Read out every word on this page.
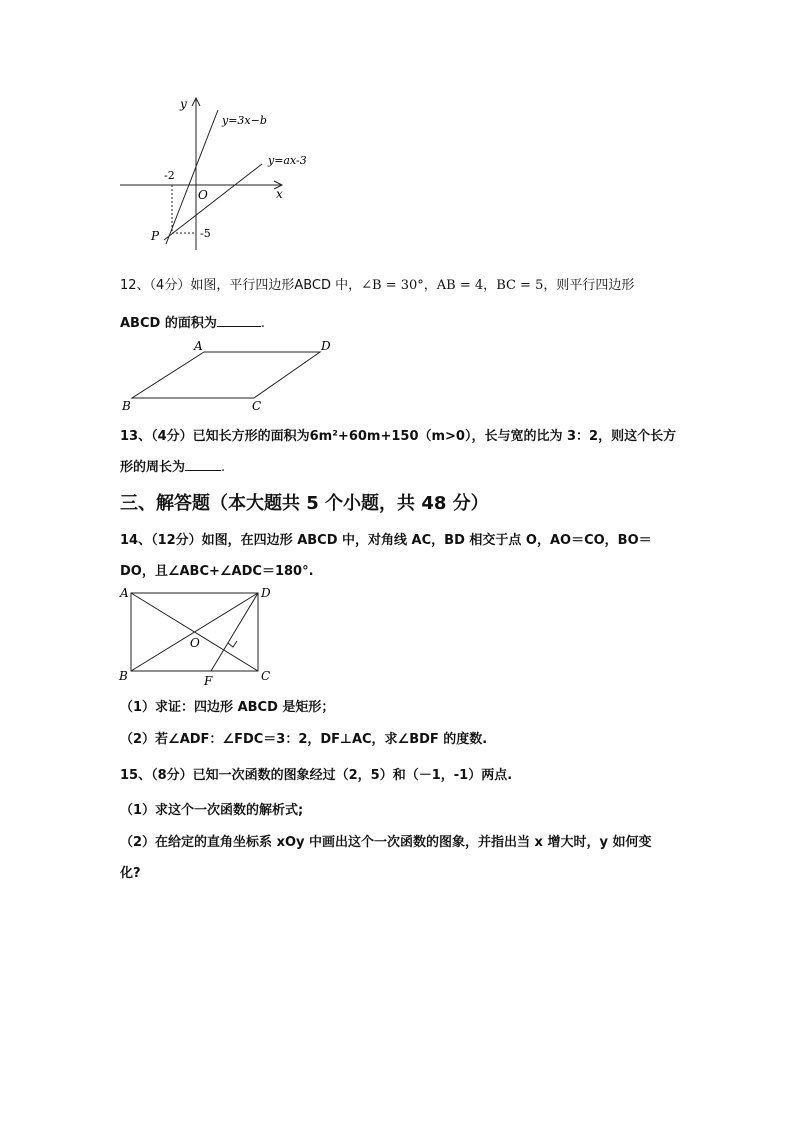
y
x
O
y=3x−b
y=ax-3
-2
-5
P
12、（4分）如图，平行四边形ABCD 中，∠B = 30°，AB = 4，BC = 5，则平行四边形
ABCD 的面积为	.
A	D
B	C
13、（4分）已知长方形的面积为6m²+60m+150（m>0），长与宽的比为 3：2，则这个长方
形的周长为	.
三、解答题（本大题共 5 个小题，共 48 分）
14、（12分）如图，在四边形 ABCD 中，对角线 AC，BD 相交于点 O，AO＝CO，BO＝
DO，且∠ABC+∠ADC＝180°.
A	D
B	C
O
F
（1）求证：四边形 ABCD 是矩形；
（2）若∠ADF：∠FDC＝3：2，DF⊥AC，求∠BDF 的度数.
15、（8分）已知一次函数的图象经过（2，5）和（－1，-1）两点.
（1）求这个一次函数的解析式;
（2）在给定的直角坐标系 xOy 中画出这个一次函数的图象，并指出当 x 增大时，y 如何变
化?
